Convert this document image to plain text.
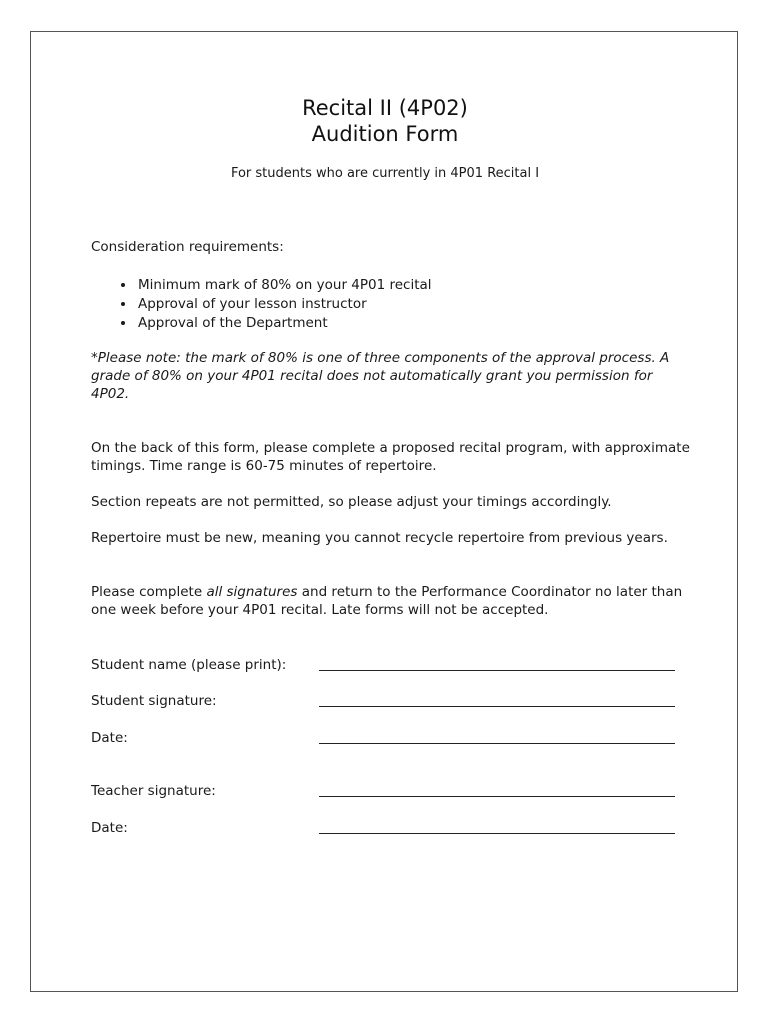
Recital II (4P02)
Audition Form
For students who are currently in 4P01 Recital I
Consideration requirements:
• Minimum mark of 80% on your 4P01 recital
• Approval of your lesson instructor
• Approval of the Department
*Please note: the mark of 80% is one of three components of the approval process. A grade of 80% on your 4P01 recital does not automatically grant you permission for 4P02.
On the back of this form, please complete a proposed recital program, with approximate timings. Time range is 60-75 minutes of repertoire.
Section repeats are not permitted, so please adjust your timings accordingly.
Repertoire must be new, meaning you cannot recycle repertoire from previous years.
Please complete all signatures and return to the Performance Coordinator no later than one week before your 4P01 recital. Late forms will not be accepted.
Student name (please print):
Student signature:
Date:
Teacher signature:
Date:
